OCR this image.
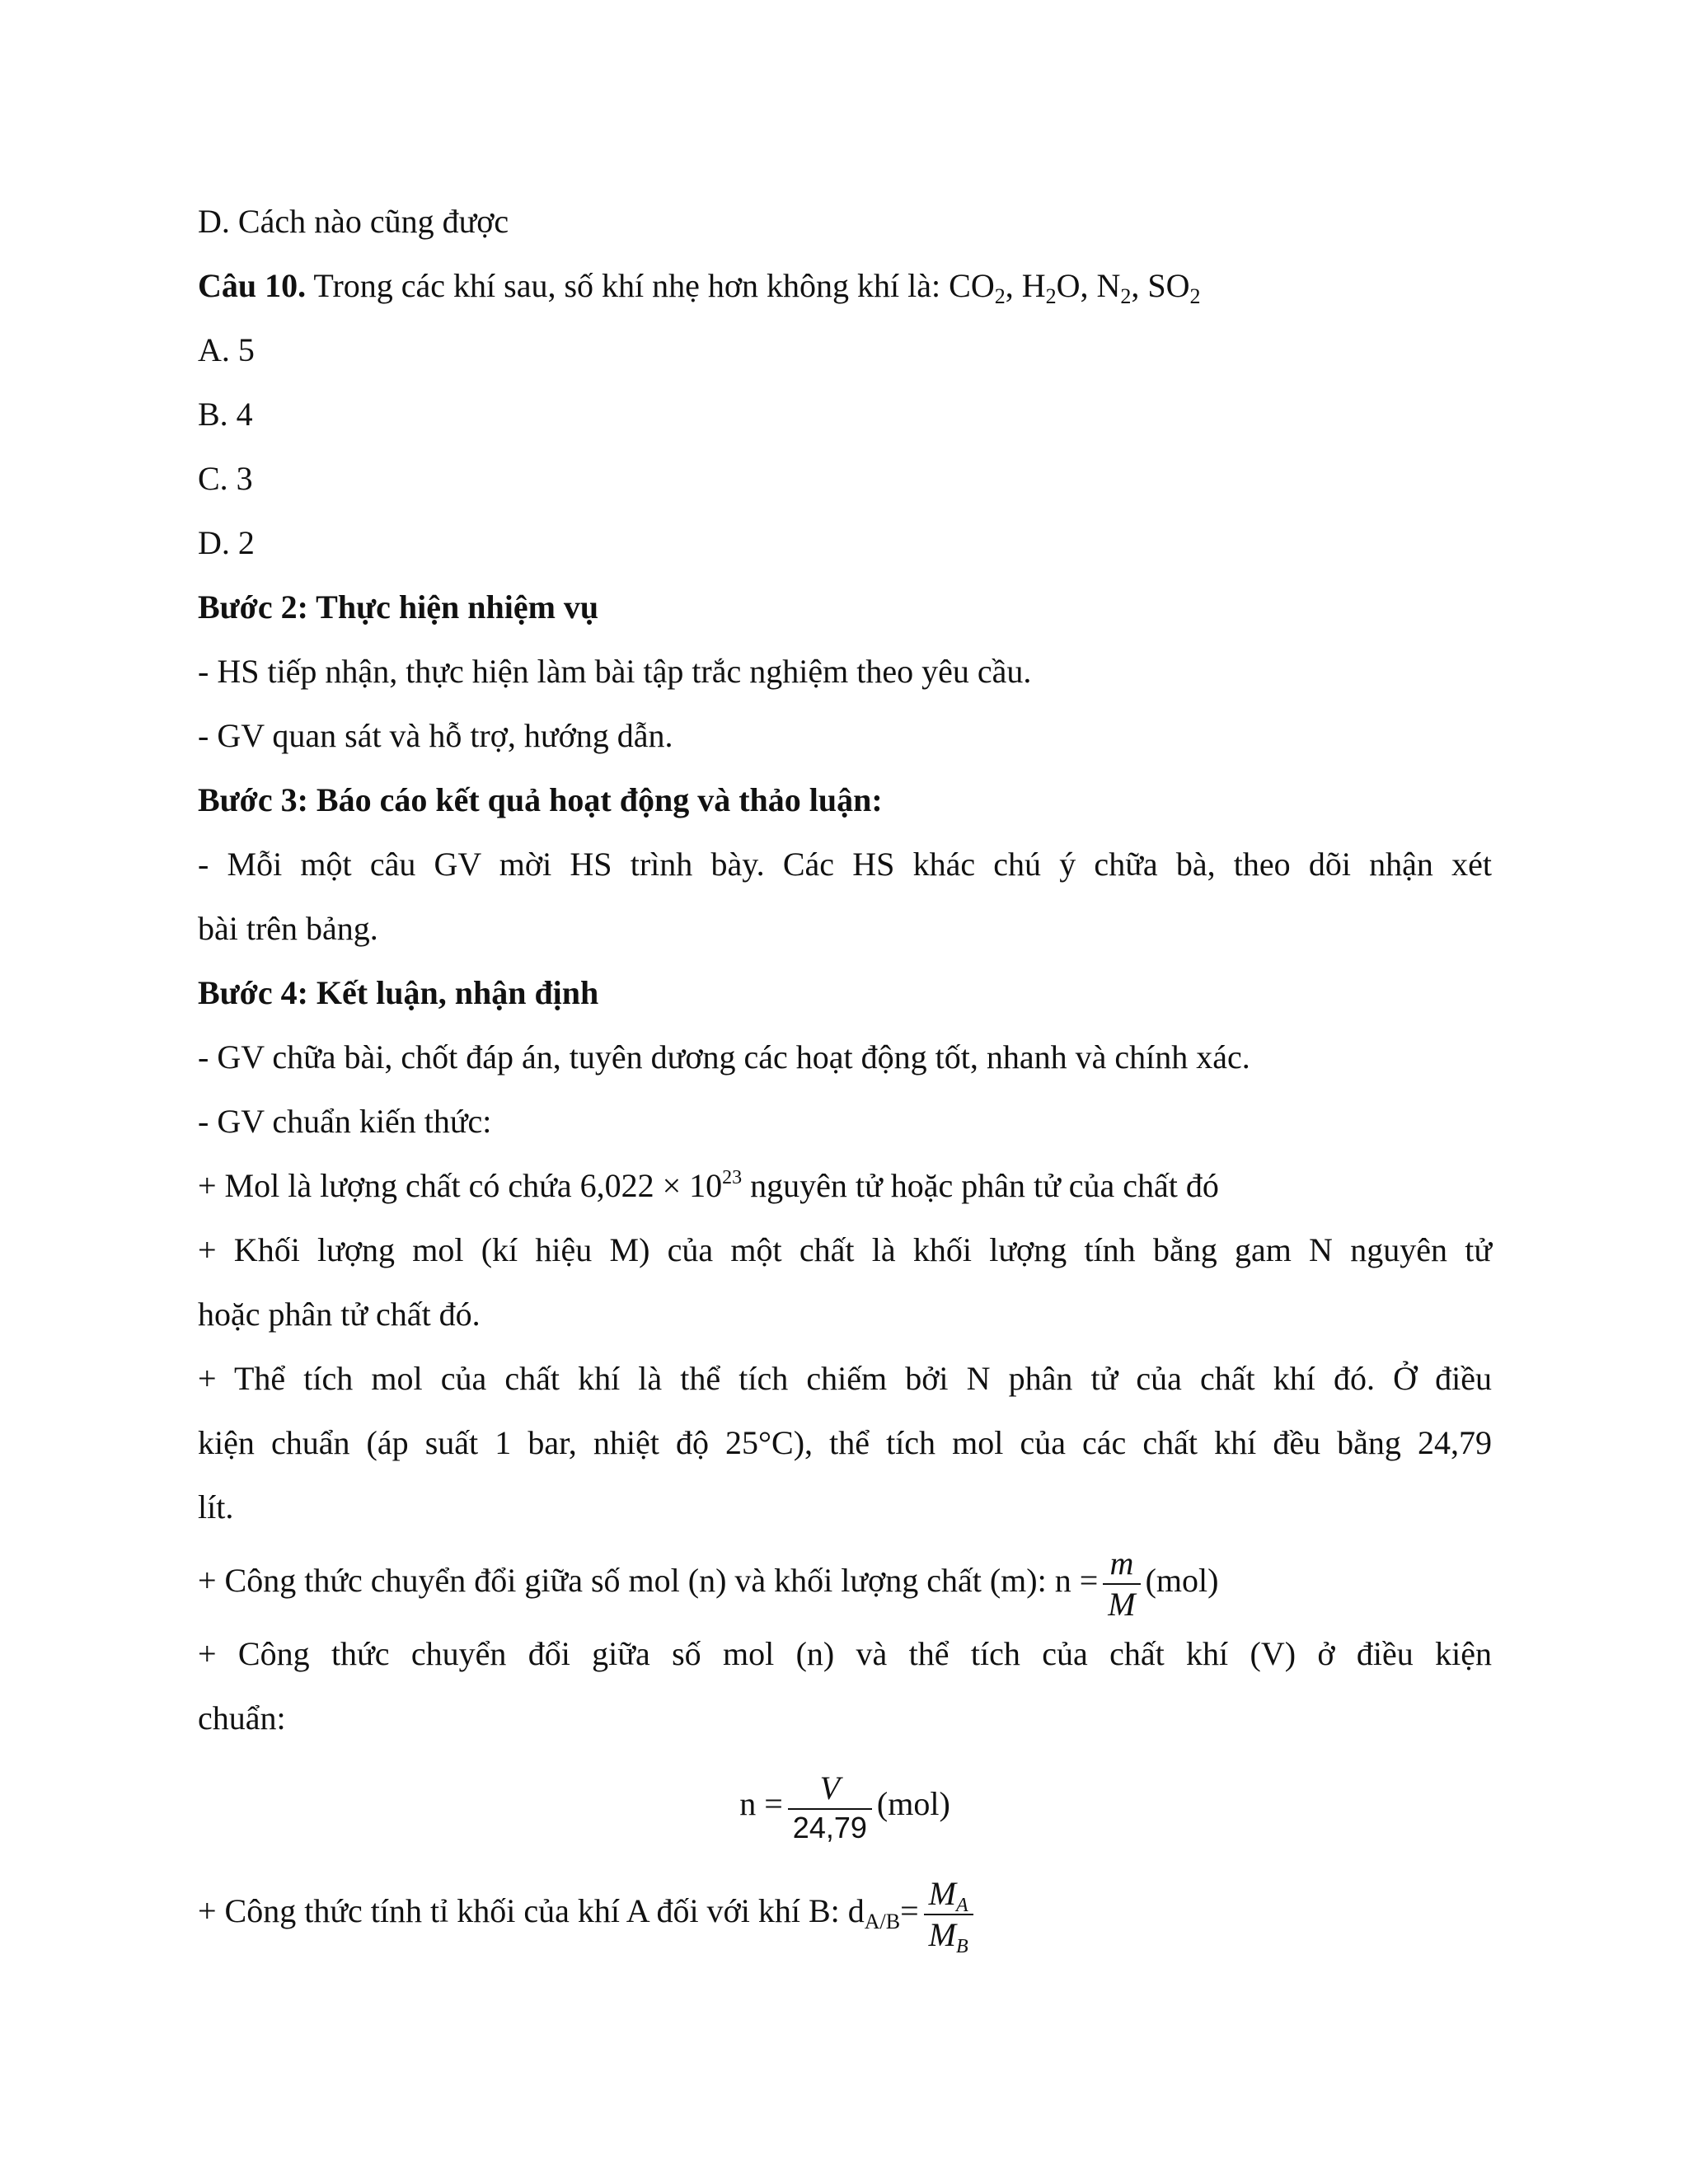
D. Cách nào cũng được
Câu 10. Trong các khí sau, số khí nhẹ hơn không khí là: $CO_2$, $H_2O$, $N_2$, $SO_2$
A. 5
B. 4
C. 3
D. 2
Bước 2: Thực hiện nhiệm vụ
- HS tiếp nhận, thực hiện làm bài tập trắc nghiệm theo yêu cầu.
- GV quan sát và hỗ trợ, hướng dẫn.
Bước 3: Báo cáo kết quả hoạt động và thảo luận:
- Mỗi một câu GV mời HS trình bày. Các HS khác chú ý chữa bà, theo dõi nhận xét
bài trên bảng.
Bước 4: Kết luận, nhận định
- GV chữa bài, chốt đáp án, tuyên dương các hoạt động tốt, nhanh và chính xác.
- GV chuẩn kiến thức:
+ Mol là lượng chất có chứa $6,022 \times 10^{23}$ nguyên tử hoặc phân tử của chất đó
+ Khối lượng mol (kí hiệu M) của một chất là khối lượng tính bằng gam N nguyên tử
hoặc phân tử chất đó.
+ Thể tích mol của chất khí là thể tích chiếm bởi N phân tử của chất khí đó. Ở điều
kiện chuẩn (áp suất 1 bar, nhiệt độ 25°C), thể tích mol của các chất khí đều bằng 24,79
lít.
+ Công thức chuyển đổi giữa số mol (n) và khối lượng chất (m): $n = \frac{m}{M} (mol)$
+ Công thức chuyển đổi giữa số mol (n) và thể tích của chất khí (V) ở điều kiện
chuẩn:
$n = \frac{V}{24,79} (mol)$
+ Công thức tính tỉ khối của khí A đối với khí B: $d_{A/B}= \frac{M_A}{M_B}$
